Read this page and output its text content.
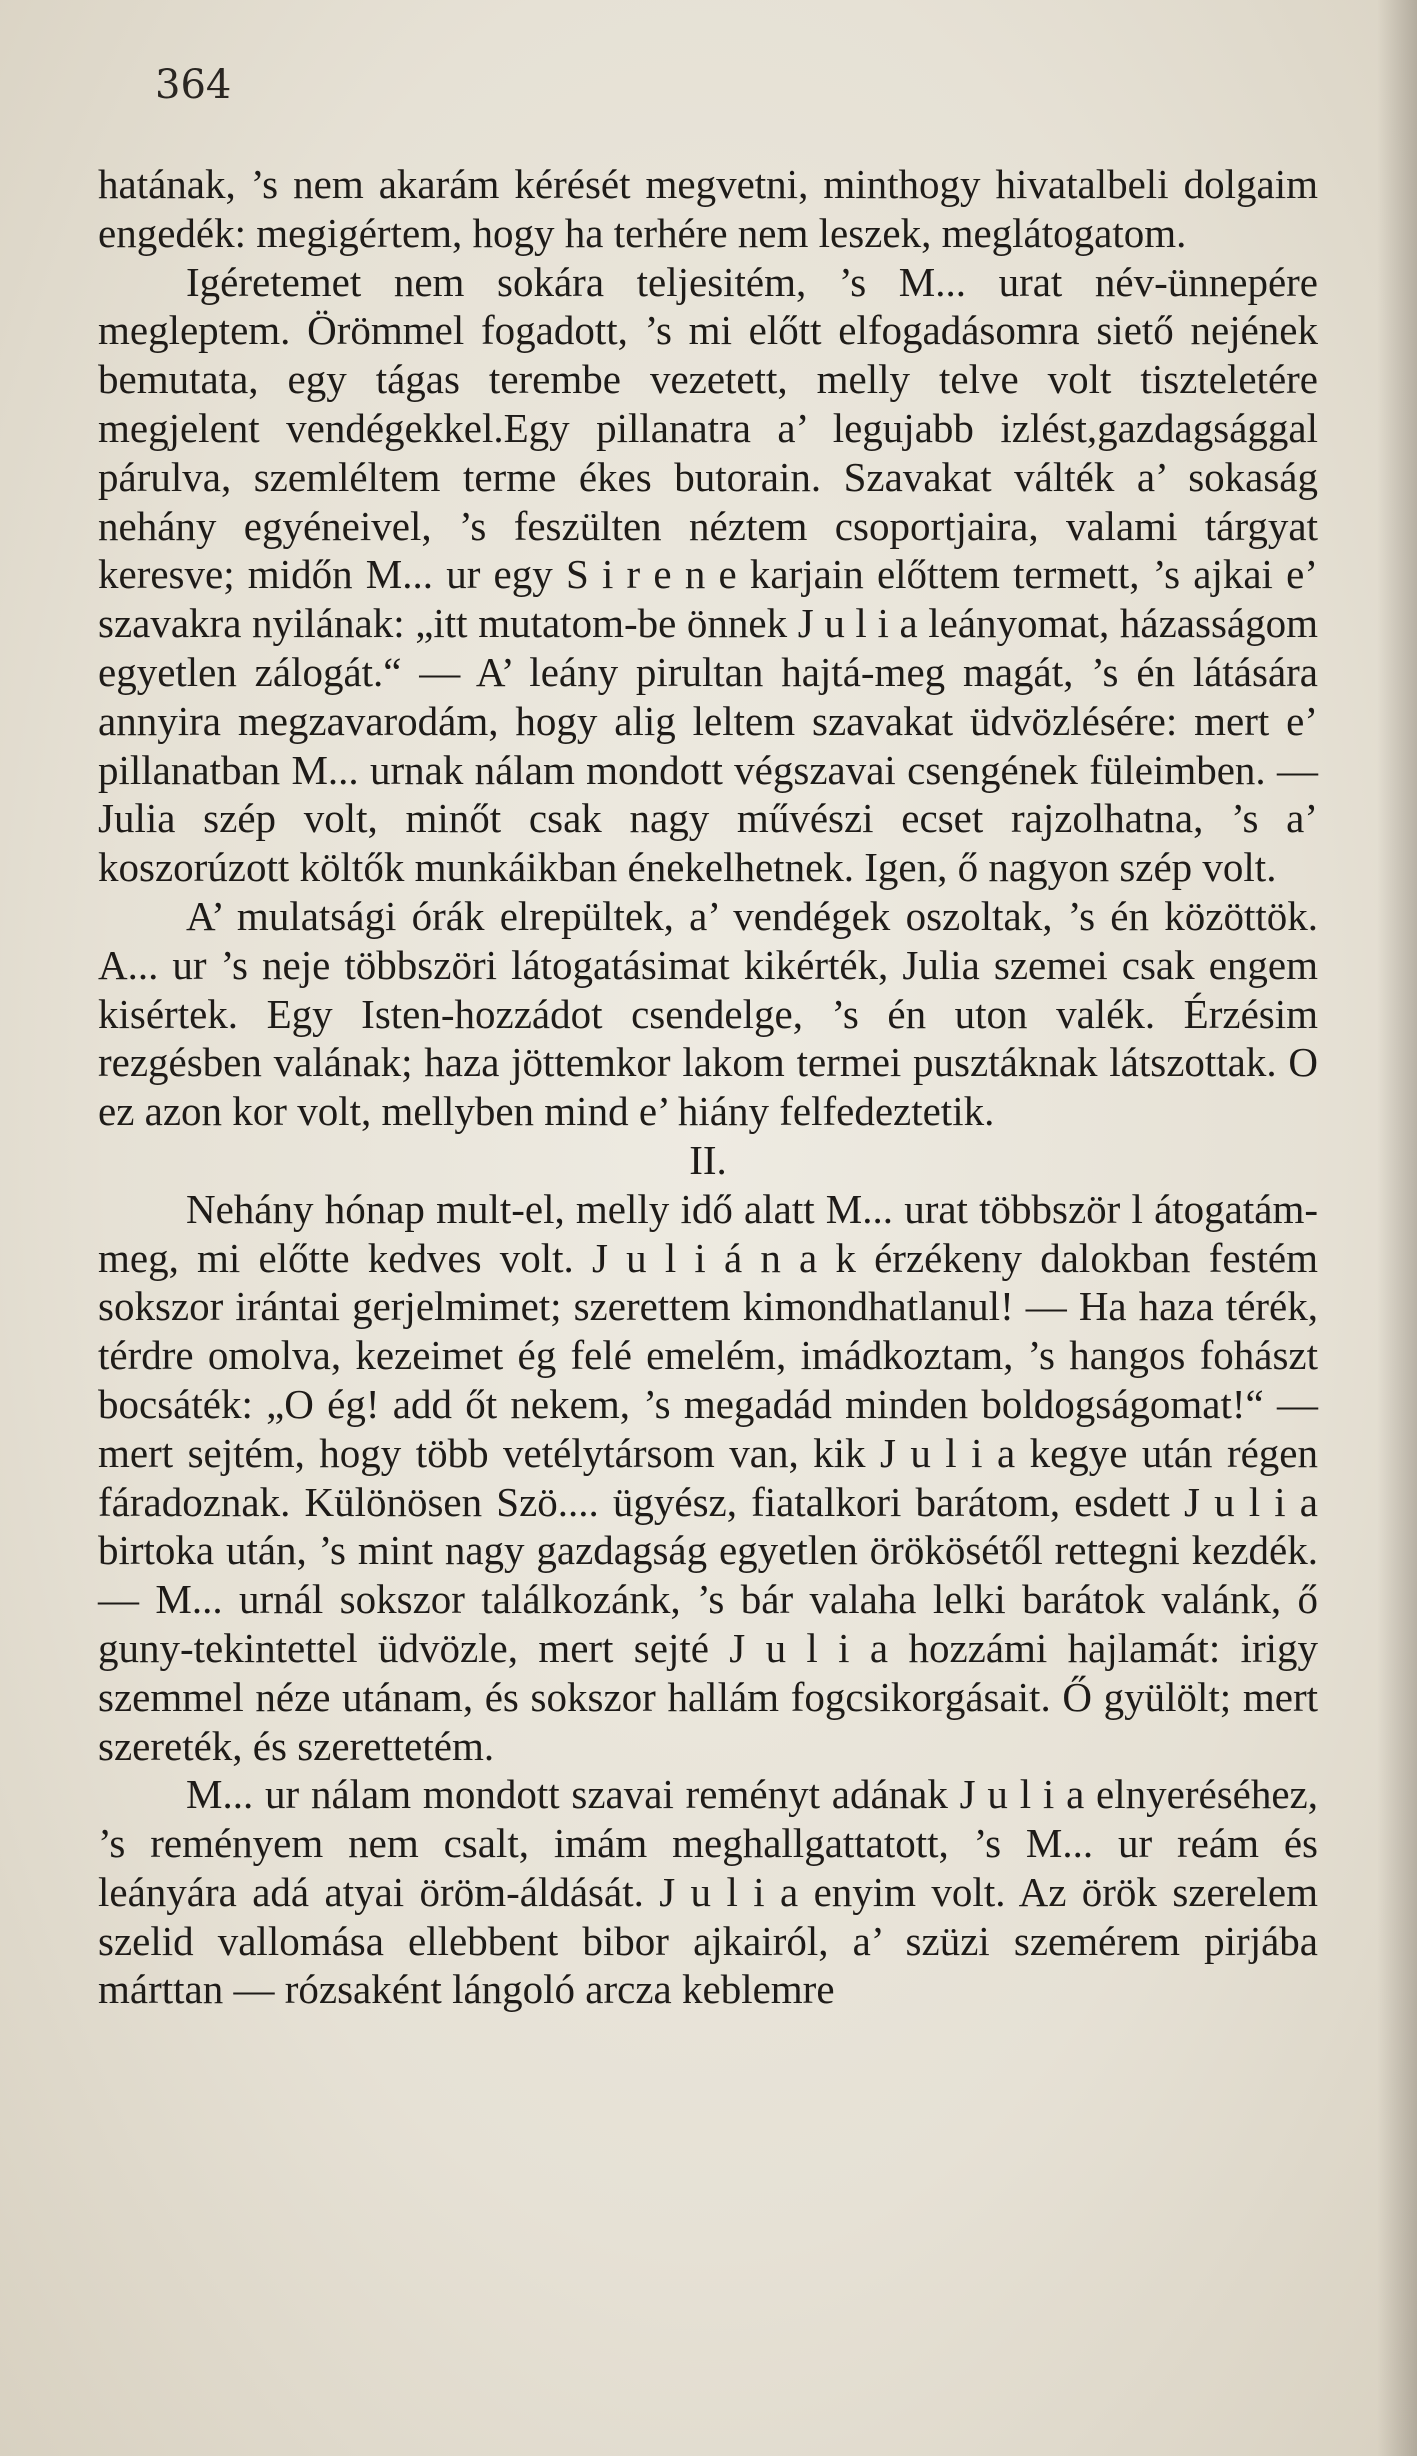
364

hatának, ’s nem akarám kérését megvetni, minthogy hivatalbeli dolgaim engedék: megigértem, hogy ha terhére nem leszek, meglátogatom.

Igéretemet nem sokára teljesitém, ’s M... urat név-ünnepére megleptem. Örömmel fogadott, ’s mi előtt elfogadásomra siető nejének bemutata, egy tágas terembe vezetett, melly telve volt tiszteletére megjelent vendégekkel.Egy pillanatra a’ legujabb izlést,gazdagsággal párulva, szemléltem terme ékes butorain. Szavakat válték a’ sokaság nehány egyéneivel, ’s feszülten néztem csoportjaira, valami tárgyat keresve; midőn M... ur egy S i r e n e karjain előttem termett, ’s ajkai e’ szavakra nyilának: „itt mutatom-be önnek J u l i a leányomat, házasságom egyetlen zálogát.“ — A’ leány pirultan hajtá-meg magát, ’s én látására annyira megzavarodám, hogy alig leltem szavakat üdvözlésére: mert e’ pillanatban M... urnak nálam mondott végszavai csengének füleimben. — Julia szép volt, minőt csak nagy művészi ecset rajzolhatna, ’s a’ koszorúzott költők munkáikban énekelhetnek. Igen, ő nagyon szép volt.

A’ mulatsági órák elrepültek, a’ vendégek oszoltak, ’s én közöttök. A... ur ’s neje többszöri látogatásimat kikérték, Julia szemei csak engem kisértek. Egy Isten-hozzádot csendelge, ’s én uton valék. Érzésim rezgésben valának; haza jöttemkor lakom termei pusztáknak látszottak. O ez azon kor volt, mellyben mind e’ hiány felfedeztetik.

II.

Nehány hónap mult-el, melly idő alatt M... urat többször l átogatám-meg, mi előtte kedves volt. J u l i á n a k érzékeny dalokban festém sokszor irántai gerjelmimet; szerettem kimondhatlanul! — Ha haza térék, térdre omolva, kezeimet ég felé emelém, imádkoztam, ’s hangos fohászt bocsáték: „O ég! add őt nekem, ’s megadád minden boldogságomat!“ — mert sejtém, hogy több vetélytársom van, kik J u l i a kegye után régen fáradoznak. Különösen Szö.... ügyész, fiatalkori barátom, esdett J u l i a birtoka után, ’s mint nagy gazdagság egyetlen örökösétől rettegni kezdék. — M... urnál sokszor találkozánk, ’s bár valaha lelki barátok valánk, ő guny-tekintettel üdvözle, mert sejté J u l i a hozzámi hajlamát: irigy szemmel néze utánam, és sokszor hallám fogcsikorgásait. Ő gyülölt; mert szereték, és szerettetém.

M... ur nálam mondott szavai reményt adának J u l i a elnyeréséhez, ’s reményem nem csalt, imám meghallgattatott, ’s M... ur reám és leányára adá atyai öröm-áldását. J u l i a enyim volt. Az örök szerelem szelid vallomása ellebbent bibor ajkairól, a’ szüzi szemérem pirjába márttan — rózsaként lángoló arcza keblemre
